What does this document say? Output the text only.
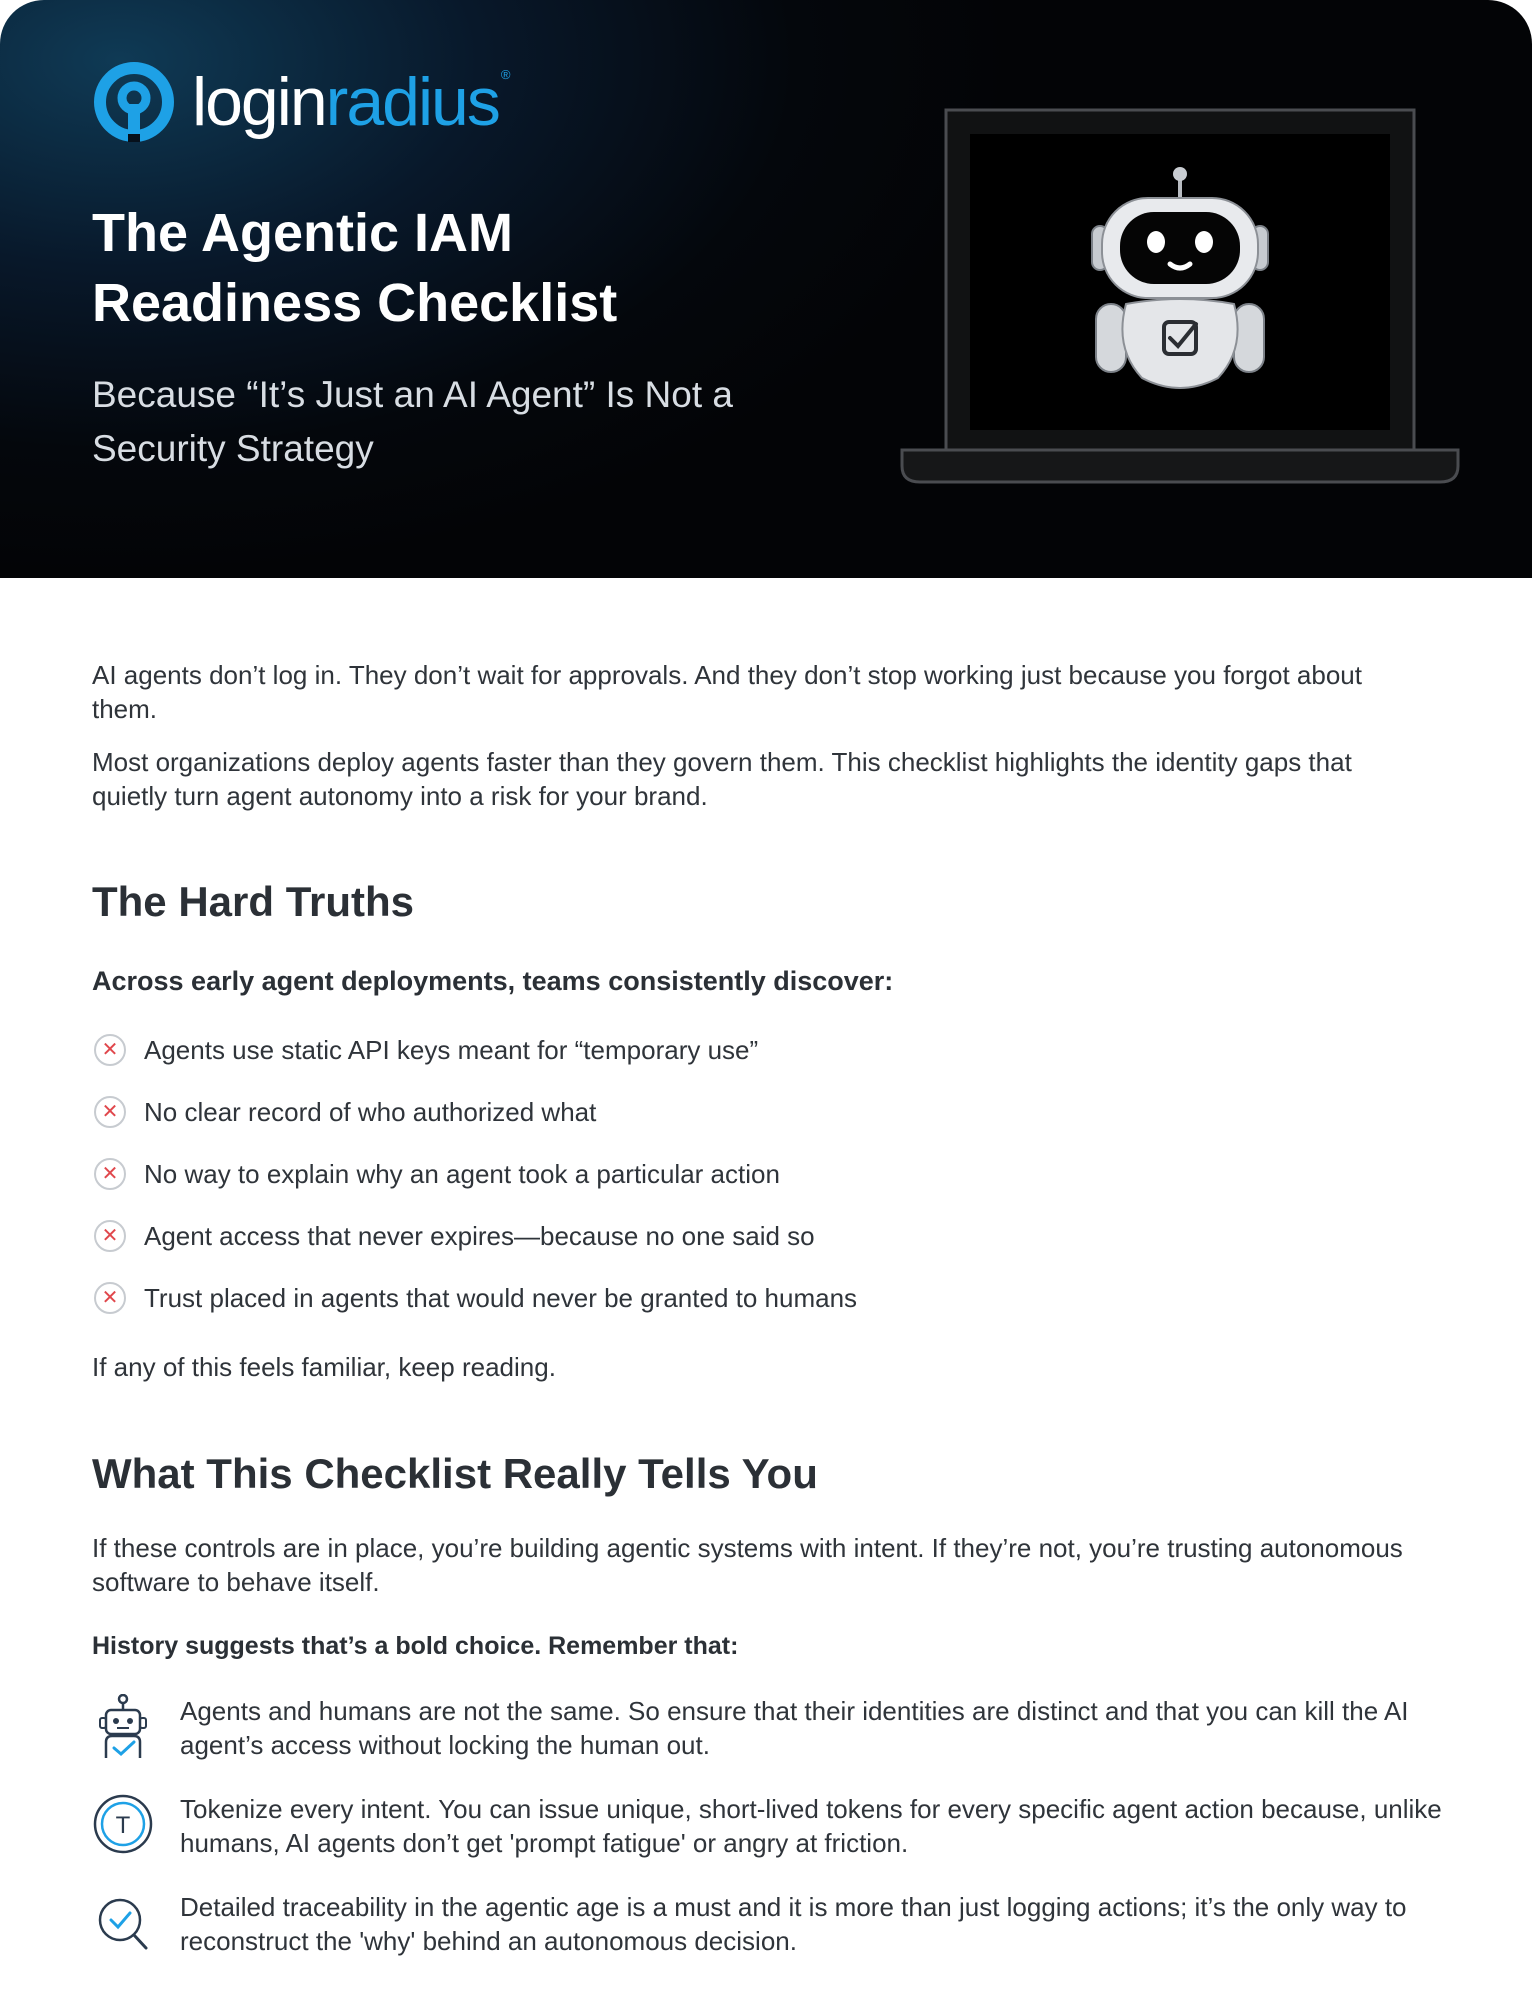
loginradius ®
The Agentic IAM Readiness Checklist

Because “It’s Just an AI Agent” Is Not a Security Strategy

AI agents don’t log in. They don’t wait for approvals. And they don’t stop working just because you forgot about them.

Most organizations deploy agents faster than they govern them. This checklist highlights the identity gaps that quietly turn agent autonomy into a risk for your brand.

The Hard Truths

Across early agent deployments, teams consistently discover:

✕ Agents use static API keys meant for “temporary use”
✕ No clear record of who authorized what
✕ No way to explain why an agent took a particular action
✕ Agent access that never expires—because no one said so
✕ Trust placed in agents that would never be granted to humans

If any of this feels familiar, keep reading.

What This Checklist Really Tells You

If these controls are in place, you’re building agentic systems with intent. If they’re not, you’re trusting autonomous software to behave itself.

History suggests that’s a bold choice. Remember that:

Agents and humans are not the same. So ensure that their identities are distinct and that you can kill the AI agent’s access without locking the human out.
T
Tokenize every intent. You can issue unique, short-lived tokens for every specific agent action because, unlike humans, AI agents don’t get 'prompt fatigue' or angry at friction.
Detailed traceability in the agentic age is a must and it is more than just logging actions; it’s the only way to reconstruct the 'why' behind an autonomous decision.
